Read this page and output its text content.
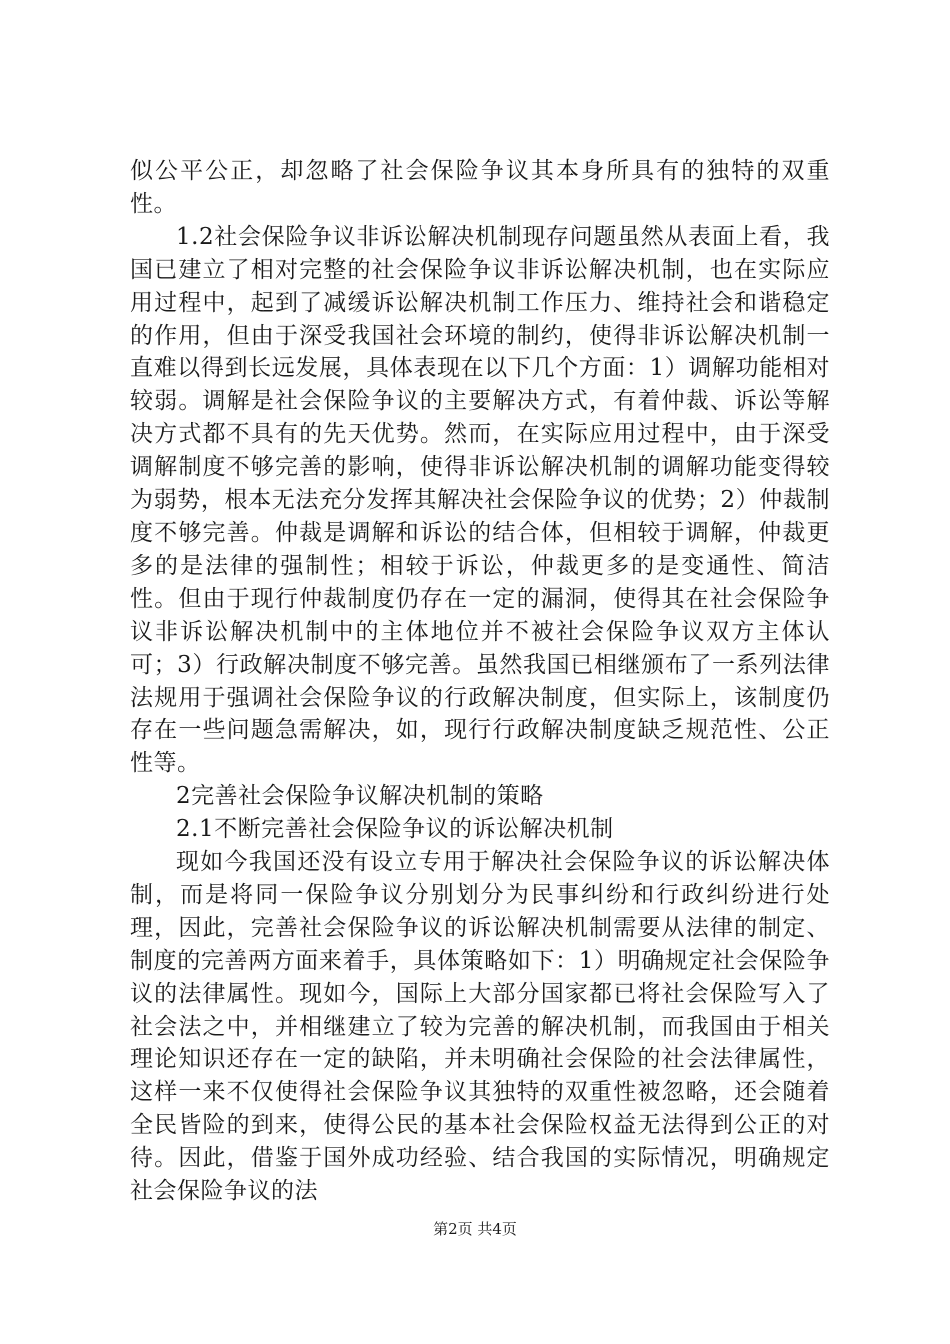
似公平公正，却忽略了社会保险争议其本身所具有的独特的双重性。

1.2社会保险争议非诉讼解决机制现存问题虽然从表面上看，我国已建立了相对完整的社会保险争议非诉讼解决机制，也在实际应用过程中，起到了减缓诉讼解决机制工作压力、维持社会和谐稳定的作用，但由于深受我国社会环境的制约，使得非诉讼解决机制一直难以得到长远发展，具体表现在以下几个方面：1）调解功能相对较弱。调解是社会保险争议的主要解决方式，有着仲裁、诉讼等解决方式都不具有的先天优势。然而，在实际应用过程中，由于深受调解制度不够完善的影响，使得非诉讼解决机制的调解功能变得较为弱势，根本无法充分发挥其解决社会保险争议的优势；2）仲裁制度不够完善。仲裁是调解和诉讼的结合体，但相较于调解，仲裁更多的是法律的强制性；相较于诉讼，仲裁更多的是变通性、简洁性。但由于现行仲裁制度仍存在一定的漏洞，使得其在社会保险争议非诉讼解决机制中的主体地位并不被社会保险争议双方主体认可；3）行政解决制度不够完善。虽然我国已相继颁布了一系列法律法规用于强调社会保险争议的行政解决制度，但实际上，该制度仍存在一些问题急需解决，如，现行行政解决制度缺乏规范性、公正性等。

2完善社会保险争议解决机制的策略

2.1不断完善社会保险争议的诉讼解决机制

现如今我国还没有设立专用于解决社会保险争议的诉讼解决体制，而是将同一保险争议分别划分为民事纠纷和行政纠纷进行处理，因此，完善社会保险争议的诉讼解决机制需要从法律的制定、制度的完善两方面来着手，具体策略如下：1）明确规定社会保险争议的法律属性。现如今，国际上大部分国家都已将社会保险写入了社会法之中，并相继建立了较为完善的解决机制，而我国由于相关理论知识还存在一定的缺陷，并未明确社会保险的社会法律属性，这样一来不仅使得社会保险争议其独特的双重性被忽略，还会随着全民皆险的到来，使得公民的基本社会保险权益无法得到公正的对待。因此，借鉴于国外成功经验、结合我国的实际情况，明确规定社会保险争议的法

第2页 共4页
